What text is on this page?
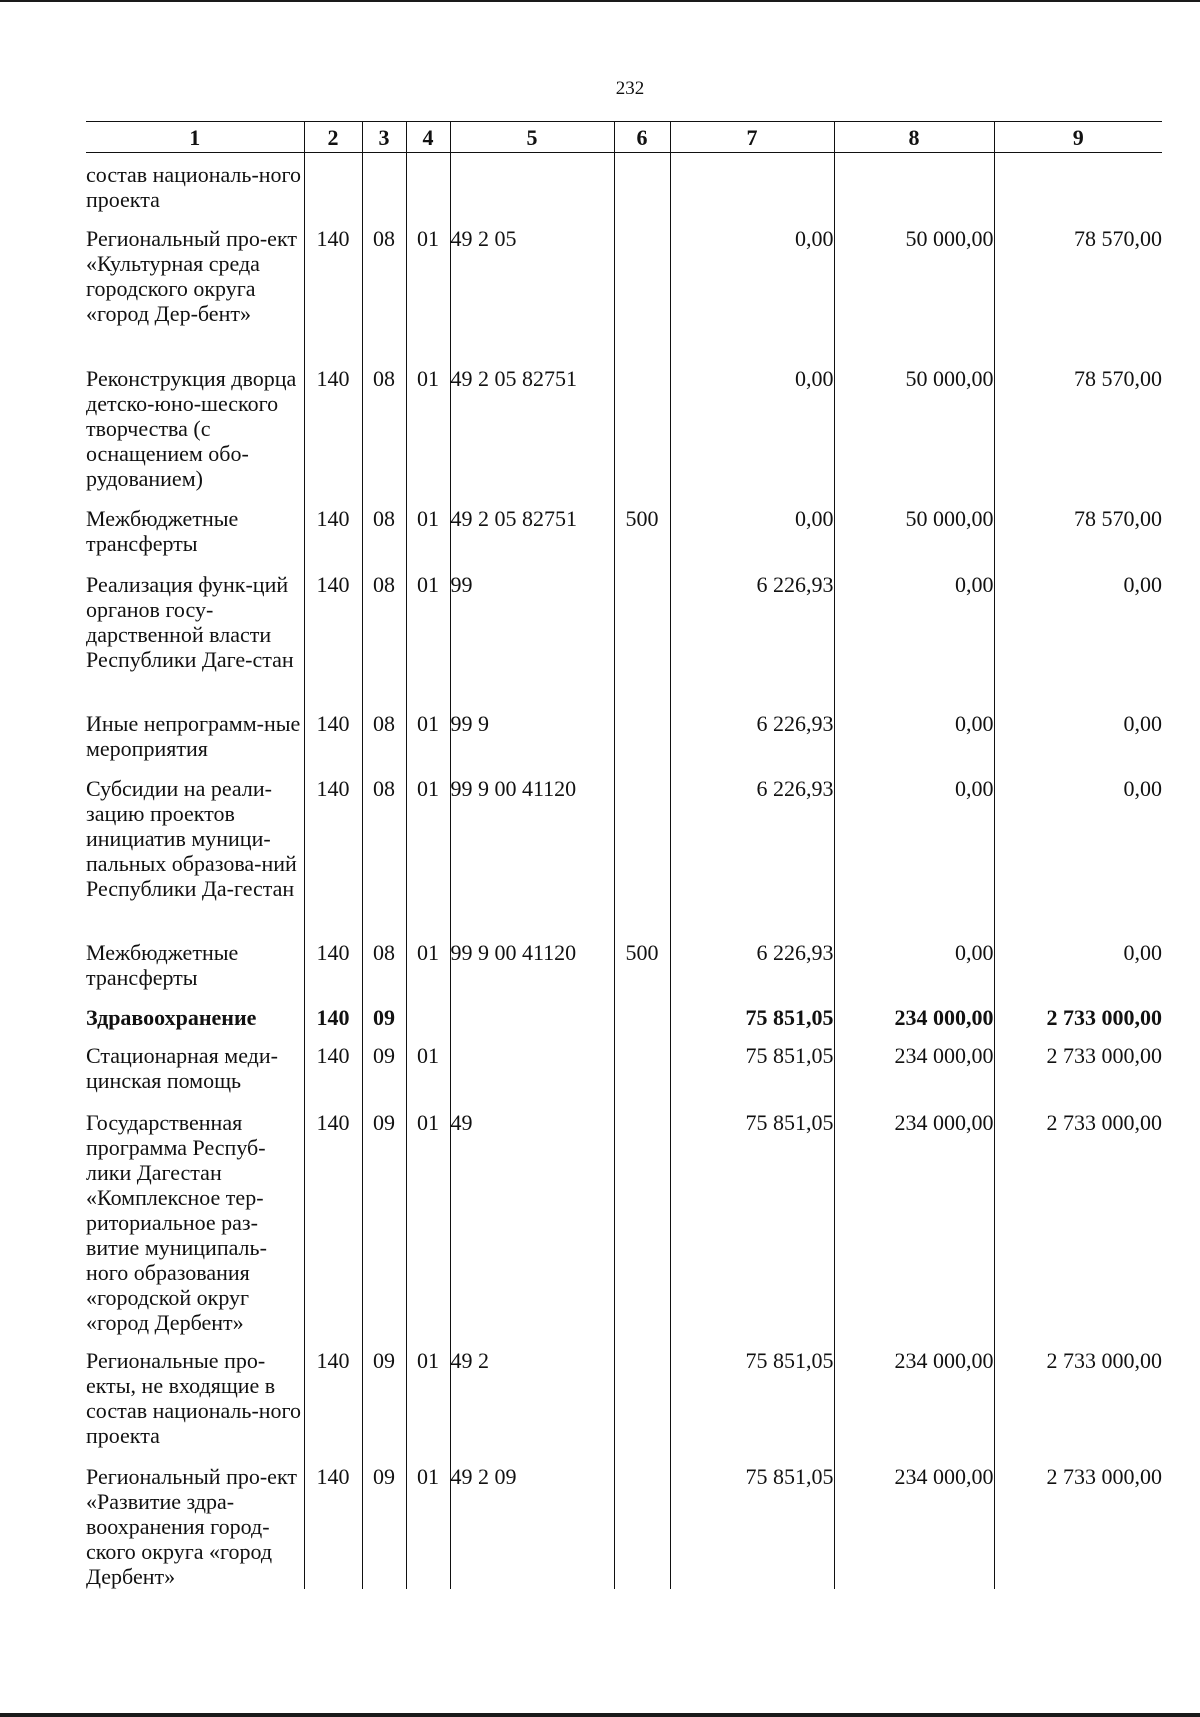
232
1	2	3	4	5	6	7	8	9
состав националь-ного проекта								
Региональный про-ект «Культурная среда городского округа «город Дер-бент»	140	08	01	49 2 05		0,00	50 000,00	78 570,00
Реконструкция дворца детско-юно-шеского творчества (с оснащением обо-рудованием)	140	08	01	49 2 05 82751		0,00	50 000,00	78 570,00
Межбюджетные трансферты	140	08	01	49 2 05 82751	500	0,00	50 000,00	78 570,00
Реализация функ-ций органов госу-дарственной власти Республики Даге-стан	140	08	01	99		6 226,93	0,00	0,00
Иные непрограмм-ные мероприятия	140	08	01	99 9		6 226,93	0,00	0,00
Субсидии на реали-зацию проектов инициатив муници-пальных образова-ний Республики Да-гестан	140	08	01	99 9 00 41120		6 226,93	0,00	0,00
Межбюджетные трансферты	140	08	01	99 9 00 41120	500	6 226,93	0,00	0,00
Здравоохранение	140	09				75 851,05	234 000,00	2 733 000,00
Стационарная меди-цинская помощь	140	09	01			75 851,05	234 000,00	2 733 000,00
Государственная программа Респуб-лики Дагестан «Комплексное тер-риториальное раз-витие муниципаль-ного образования «городской округ «город Дербент»	140	09	01	49		75 851,05	234 000,00	2 733 000,00
Региональные про-екты, не входящие в состав националь-ного проекта	140	09	01	49 2		75 851,05	234 000,00	2 733 000,00
Региональный про-ект «Развитие здра-воохранения город-ского округа «город Дербент»	140	09	01	49 2 09		75 851,05	234 000,00	2 733 000,00
